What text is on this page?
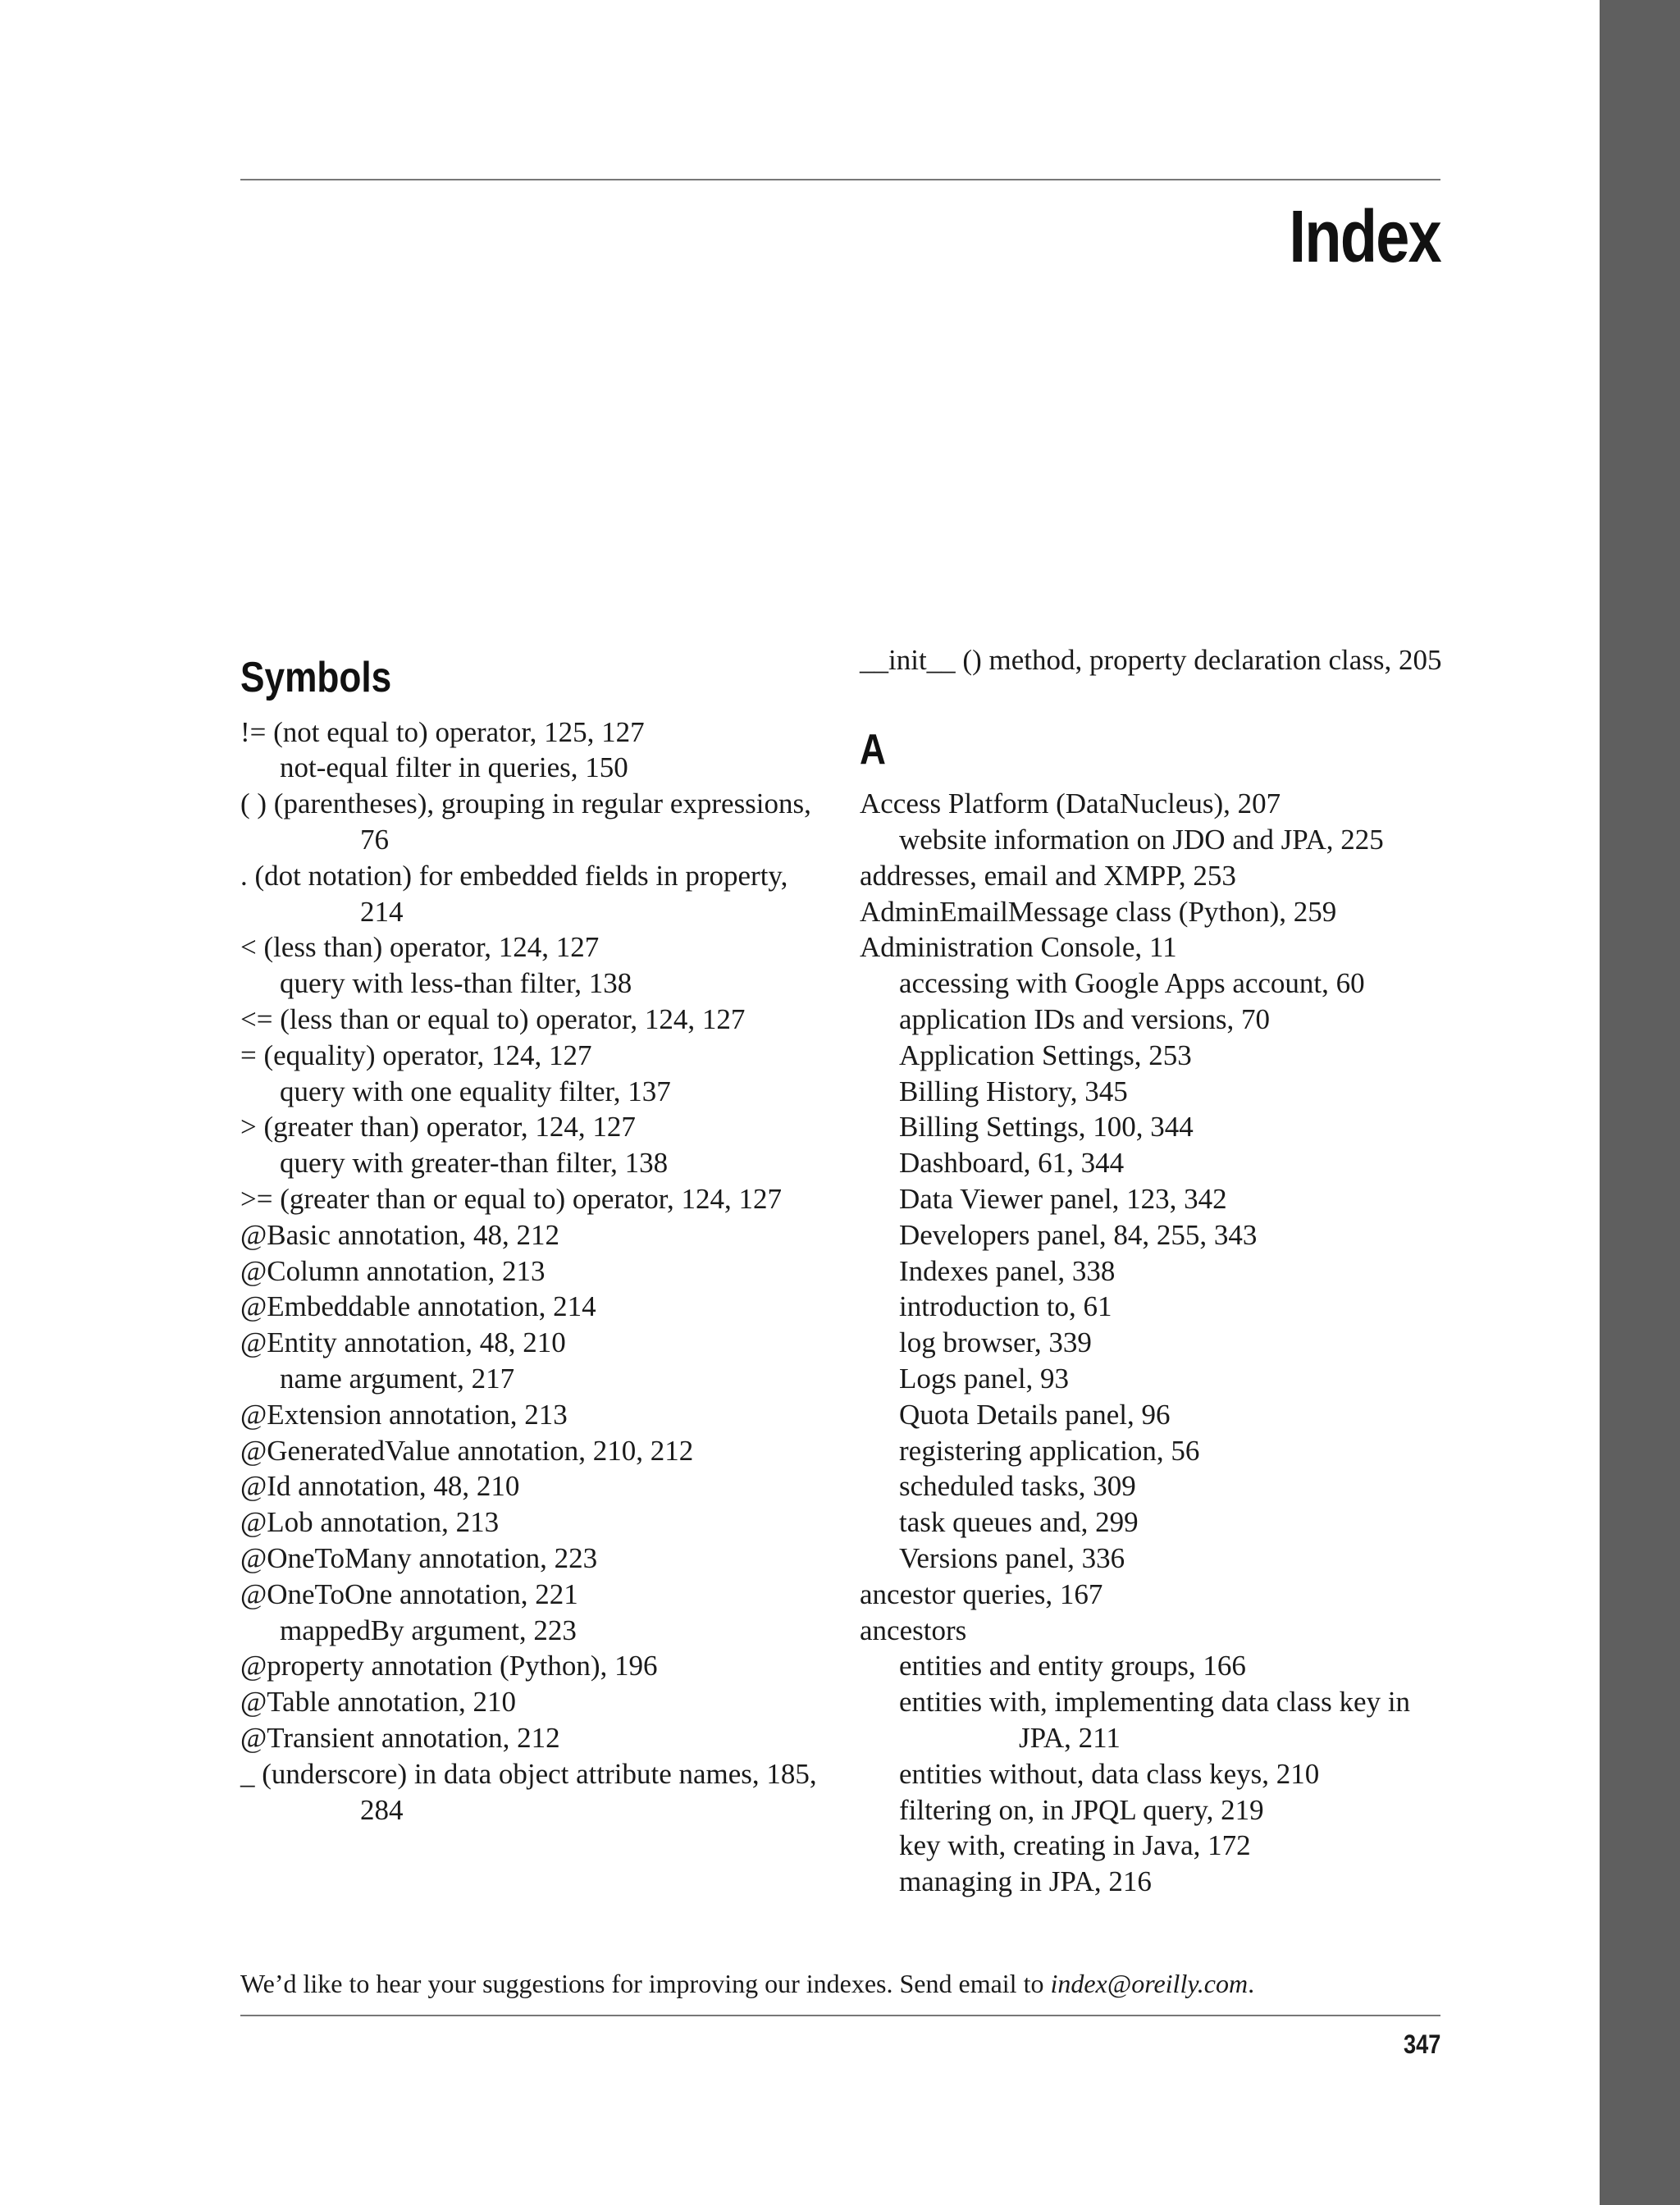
Index
Symbols
!= (not equal to) operator, 125, 127
not-equal filter in queries, 150
( ) (parentheses), grouping in regular expressions, 76
. (dot notation) for embedded fields in property, 214
< (less than) operator, 124, 127
query with less-than filter, 138
<= (less than or equal to) operator, 124, 127
= (equality) operator, 124, 127
query with one equality filter, 137
> (greater than) operator, 124, 127
query with greater-than filter, 138
>= (greater than or equal to) operator, 124, 127
@Basic annotation, 48, 212
@Column annotation, 213
@Embeddable annotation, 214
@Entity annotation, 48, 210
name argument, 217
@Extension annotation, 213
@GeneratedValue annotation, 210, 212
@Id annotation, 48, 210
@Lob annotation, 213
@OneToMany annotation, 223
@OneToOne annotation, 221
mappedBy argument, 223
@property annotation (Python), 196
@Table annotation, 210
@Transient annotation, 212
_ (underscore) in data object attribute names, 185, 284
__init__ () method, property declaration class, 205
A
Access Platform (DataNucleus), 207
website information on JDO and JPA, 225
addresses, email and XMPP, 253
AdminEmailMessage class (Python), 259
Administration Console, 11
accessing with Google Apps account, 60
application IDs and versions, 70
Application Settings, 253
Billing History, 345
Billing Settings, 100, 344
Dashboard, 61, 344
Data Viewer panel, 123, 342
Developers panel, 84, 255, 343
Indexes panel, 338
introduction to, 61
log browser, 339
Logs panel, 93
Quota Details panel, 96
registering application, 56
scheduled tasks, 309
task queues and, 299
Versions panel, 336
ancestor queries, 167
ancestors
entities and entity groups, 166
entities with, implementing data class key in JPA, 211
entities without, data class keys, 210
filtering on, in JPQL query, 219
key with, creating in Java, 172
managing in JPA, 216
We’d like to hear your suggestions for improving our indexes. Send email to index@oreilly.com.
347
